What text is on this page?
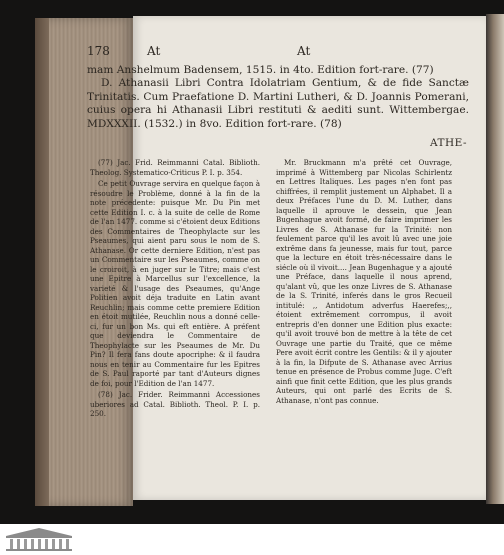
178	At	At

mam Anshelmum Badensem, 1515. in 4to. Edition fort-rare. (77)

D. Athanasii Libri Contra Idolatriam Gentium, & de fide Sanctæ Trinitatis. Cum Praefatione D. Martini Lutheri, & D. Joannis Pomerani, cuius opera hi Athanasii Libri restituti & aediti sunt. Wittembergae. MDXXXII. (1532.) in 8vo. Edition fort-rare. (78)

ATHE-

(77) Jac. Frid. Reimmanni Catal. Biblioth. Theolog. Systematico-Criticus P. I. p. 354.

Ce petit Ouvrage servira en quelque façon à résoudre le Problème, donné à la fin de la note précedente: puisque Mr. Du Pin met cette Edition I. c. à la suite de celle de Rome de l'an 1477. comme si c'étoient deux Editions des Commentaires de Theophylacte sur les Pseaumes, qui aient paru sous le nom de S. Athanase. Or cette derniere Edition, n'est pas un Commentaire sur les Pseaumes, comme on le croiroit, à en juger sur le Titre; mais c'est une Epitre à Marcellus sur l'excellence, la varieté & l'usage des Pseaumes, qu'Ange Politien avoit déja traduite en Latin avant Reuchlin; mais comme cette premiere Edition en étoit mutilée, Reuchlin nous a donné celle-ci, fur un bon Ms. qui eft entière. A préfent que deviendra le Commentaire de Theophylacte sur les Pseaumes de Mr. Du Pin? Il fera fans doute apocriphe: & il faudra nous en tenir au Commentaire fur les Epitres de S. Paul raporté par tant d'Auteurs dignes de foi, pour l'Edition de l'an 1477.

(78) Jac. Frider. Reimmanni Accessiones uberiores ad Catal. Biblioth. Theol. P. I. p. 250.

Mr. Bruckmann m'a prêté cet Ouvrage, imprimé à Wittemberg par Nicolas Schirlentz en Lettres Italiques. Les pages n'en font pas chiffrées, il remplit justement un Alphabet. Il a deux Préfaces l'une du D. M. Luther, dans laquelle il aprouve le dessein, que Jean Bugenhague avoit formé, de faire imprimer les Livres de S. Athanase fur la Trinité: non feulement parce qu'il les avoit lû avec une joie extrême dans fa jeunesse, mais fur tout, parce que la lecture en étoit très-nécessaire dans le siécle où il vivoit.... Jean Bugenhague y a ajouté une Préface, dans laquelle il nous aprend, qu'alant vû, que les onze Livres de S. Athanase de la S. Trinité, inferés dans le gros Recueil intitulé: ,, Antidotum adverfus Haerefes;,, étoient extrêmement corrompus, il avoit entrepris d'en donner une Edition plus exacte: qu'il avoit trouvé bon de mettre à la tête de cet Ouvrage une partie du Traité, que ce même Pere avoit écrit contre les Gentils: & il y ajouter à la fin, la Difpute de S. Athanase avec Arrius tenue en présence de Probus comme Juge. C'eft ainfi que finit cette Edition, que les plus grands Auteurs, qui ont parlé des Ecrits de S. Athanase, n'ont pas connue.
